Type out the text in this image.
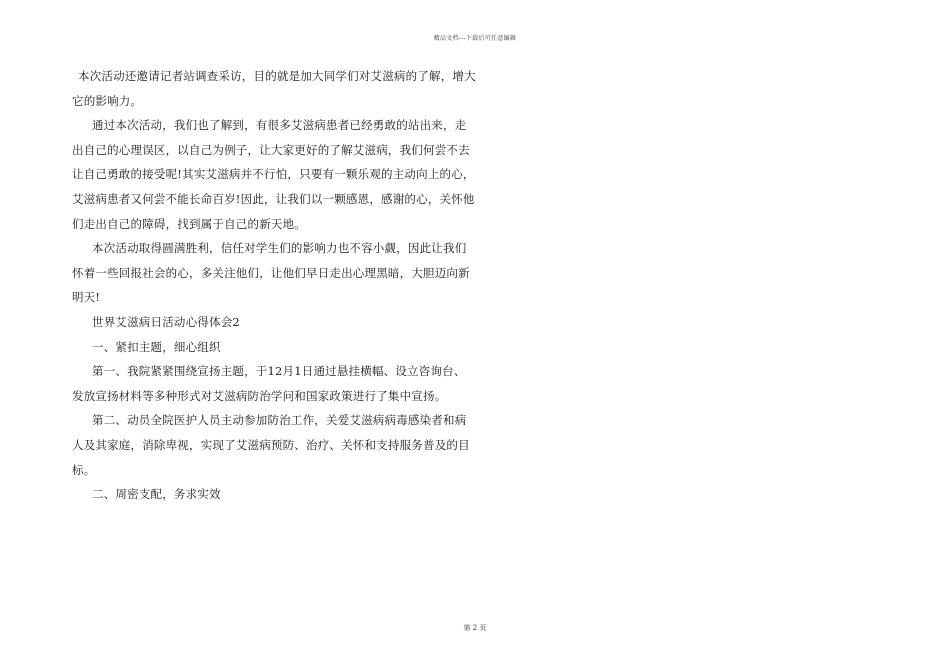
精品文档---下载后可任意编辑
本次活动还邀请记者站调查采访，目的就是加大同学们对艾滋病的了解，增大
它的影响力。
通过本次活动，我们也了解到，有很多艾滋病患者已经勇敢的站出来，走
出自己的心理误区，以自己为例子，让大家更好的了解艾滋病，我们何尝不去
让自己勇敢的接受呢!其实艾滋病并不行怕，只要有一颗乐观的主动向上的心，
艾滋病患者又何尝不能长命百岁!因此，让我们以一颗感恩，感谢的心，关怀他
们走出自己的障碍，找到属于自己的新天地。
本次活动取得圆满胜利，信任对学生们的影响力也不容小觑，因此让我们
怀着一些回报社会的心，多关注他们，让他们早日走出心理黑暗，大胆迈向新
明天!
世界艾滋病日活动心得体会2
一、紧扣主题，细心组织
第一、我院紧紧围绕宣扬主题，于12月1日通过悬挂横幅、设立咨询台、
发放宣扬材料等多种形式对艾滋病防治学问和国家政策进行了集中宣扬。
第二、动员全院医护人员主动参加防治工作，关爱艾滋病病毒感染者和病
人及其家庭，消除卑视，实现了艾滋病预防、治疗、关怀和支持服务普及的目
标。
二、周密支配，务求实效
第 2 页
